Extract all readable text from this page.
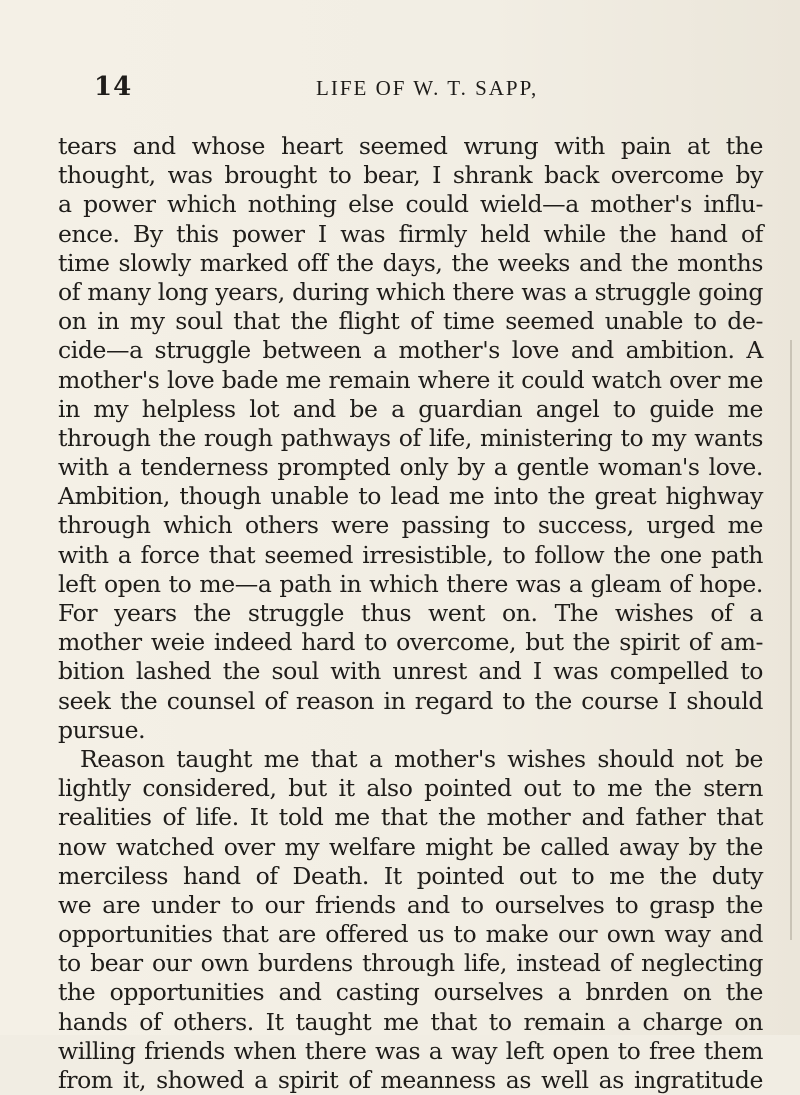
14	LIFE OF W. T. SAPP,
tears and whose heart seemed wrung with pain at the
thought, was brought to bear, I shrank back overcome by
a power which nothing else could wield—a mother's influ-
ence. By this power I was firmly held while the hand of
time slowly marked off the days, the weeks and the months
of many long years, during which there was a struggle going
on in my soul that the flight of time seemed unable to de-
cide—a struggle between a mother's love and ambition. A
mother's love bade me remain where it could watch over me
in my helpless lot and be a guardian angel to guide me
through the rough pathways of life, ministering to my wants
with a tenderness prompted only by a gentle woman's love.
Ambition, though unable to lead me into the great highway
through which others were passing to success, urged me
with a force that seemed irresistible, to follow the one path
left open to me—a path in which there was a gleam of hope.
For years the struggle thus went on. The wishes of a
mother weie indeed hard to overcome, but the spirit of am-
bition lashed the soul with unrest and I was compelled to
seek the counsel of reason in regard to the course I should
pursue.
Reason taught me that a mother's wishes should not be
lightly considered, but it also pointed out to me the stern
realities of life. It told me that the mother and father that
now watched over my welfare might be called away by the
merciless hand of Death. It pointed out to me the duty
we are under to our friends and to ourselves to grasp the
opportunities that are offered us to make our own way and
to bear our own burdens through life, instead of neglecting
the opportunities and casting ourselves a bnrden on the
hands of others. It taught me that to remain a charge on
willing friends when there was a way left open to free them
from it, showed a spirit of meanness as well as ingratitude
